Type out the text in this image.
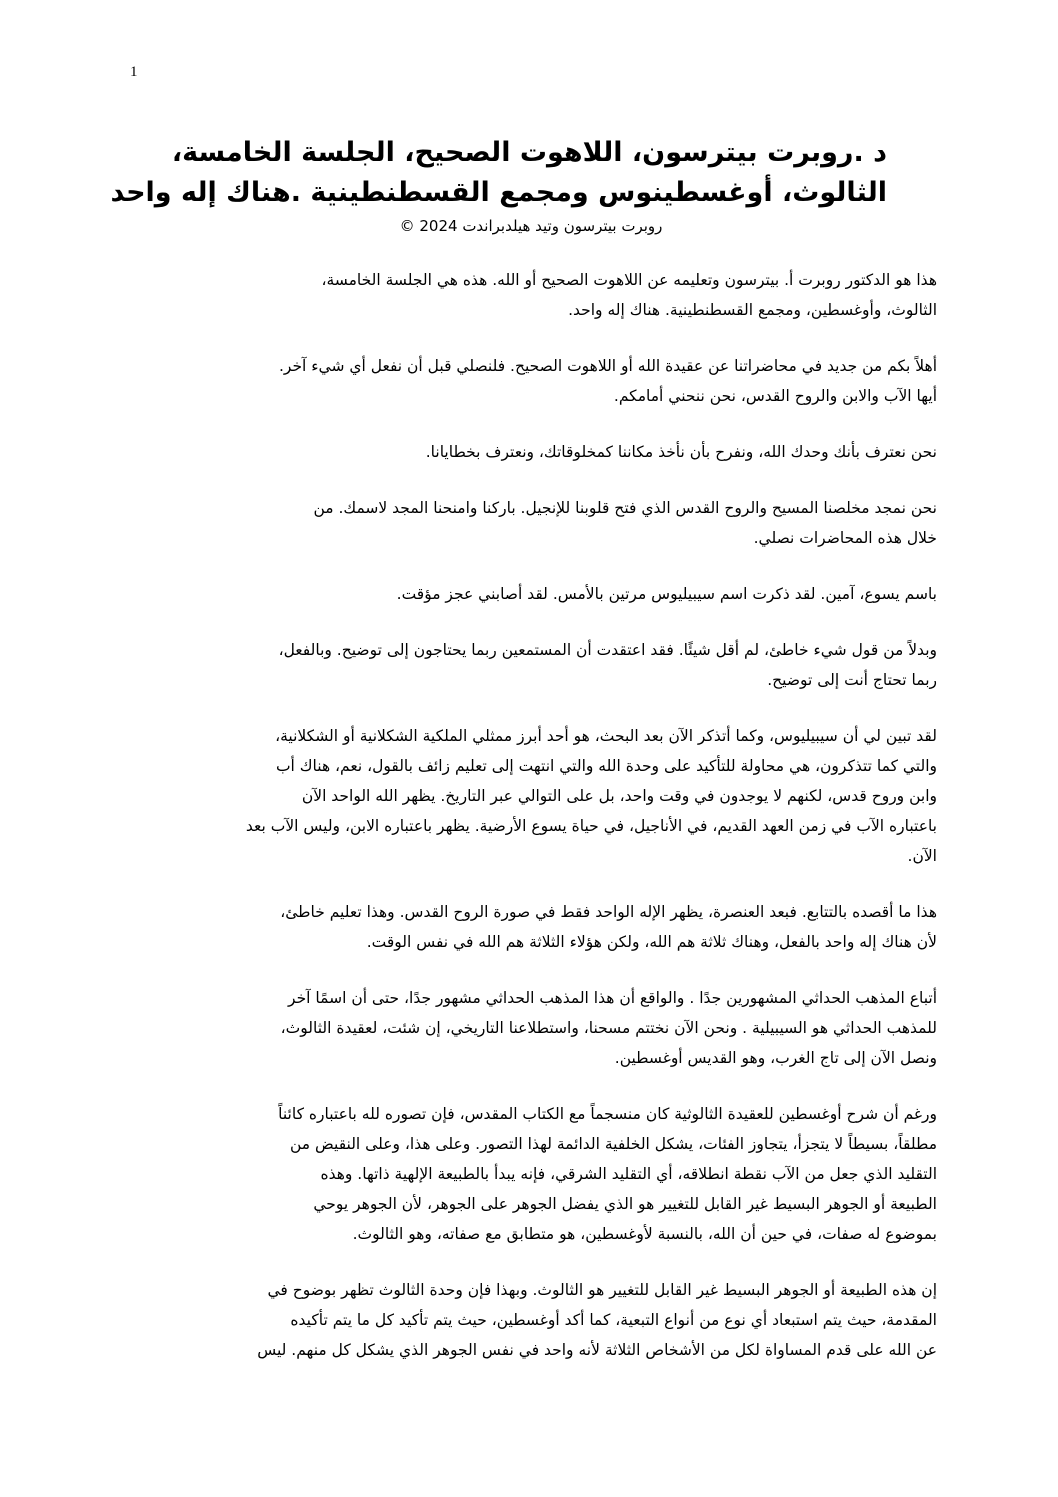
1
د .روبرت بيترسون، اللاهوت الصحيح، الجلسة الخامسة،
الثالوث، أوغسطينوس ومجمع القسطنطينية .هناك إله واحد
روبرت بيترسون وتيد هيلدبراندت 2024 ©
هذا هو الدكتور روبرت أ. بيترسون وتعليمه عن اللاهوت الصحيح أو الله. هذه هي الجلسة الخامسة،
الثالوث، وأوغسطين، ومجمع القسطنطينية. هناك إله واحد.
أهلاً بكم من جديد في محاضراتنا عن عقيدة الله أو اللاهوت الصحيح. فلنصلي قبل أن نفعل أي شيء آخر.
أيها الآب والابن والروح القدس، نحن ننحني أمامكم.
نحن نعترف بأنك وحدك الله، ونفرح بأن نأخذ مكاننا كمخلوقاتك، ونعترف بخطايانا.
نحن نمجد مخلصنا المسيح والروح القدس الذي فتح قلوبنا للإنجيل. باركنا وامنحنا المجد لاسمك. من
خلال هذه المحاضرات نصلي.
باسم يسوع، آمين. لقد ذكرت اسم سيبيليوس مرتين بالأمس. لقد أصابني عجز مؤقت.
وبدلاً من قول شيء خاطئ، لم أقل شيئًا. فقد اعتقدت أن المستمعين ربما يحتاجون إلى توضيح. وبالفعل،
ربما تحتاج أنت إلى توضيح.
لقد تبين لي أن سيبيليوس، وكما أتذكر الآن بعد البحث، هو أحد أبرز ممثلي الملكية الشكلانية أو الشكلانية،
والتي كما تتذكرون، هي محاولة للتأكيد على وحدة الله والتي انتهت إلى تعليم زائف بالقول، نعم، هناك أب
وابن وروح قدس، لكنهم لا يوجدون في وقت واحد، بل على التوالي عبر التاريخ. يظهر الله الواحد الآن
باعتباره الآب في زمن العهد القديم، في الأناجيل، في حياة يسوع الأرضية. يظهر باعتباره الابن، وليس الآب بعد
الآن.
هذا ما أقصده بالتتابع. فبعد العنصرة، يظهر الإله الواحد فقط في صورة الروح القدس. وهذا تعليم خاطئ،
لأن هناك إله واحد بالفعل، وهناك ثلاثة هم الله، ولكن هؤلاء الثلاثة هم الله في نفس الوقت.
أتباع المذهب الحداثي المشهورين جدًا . والواقع أن هذا المذهب الحداثي مشهور جدًا، حتى أن اسمًا آخر
للمذهب الحداثي هو السيبيلية . ونحن الآن نختتم مسحنا، واستطلاعنا التاريخي، إن شئت، لعقيدة الثالوث،
ونصل الآن إلى تاج الغرب، وهو القديس أوغسطين.
ورغم أن شرح أوغسطين للعقيدة الثالوثية كان منسجماً مع الكتاب المقدس، فإن تصوره لله باعتباره كائناً
مطلقاً، بسيطاً لا يتجزأ، يتجاوز الفئات، يشكل الخلفية الدائمة لهذا التصور. وعلى هذا، وعلى النقيض من
التقليد الذي جعل من الآب نقطة انطلاقه، أي التقليد الشرقي، فإنه يبدأ بالطبيعة الإلهية ذاتها. وهذه
الطبيعة أو الجوهر البسيط غير القابل للتغيير هو الذي يفضل الجوهر على الجوهر، لأن الجوهر يوحي
بموضوع له صفات، في حين أن الله، بالنسبة لأوغسطين، هو متطابق مع صفاته، وهو الثالوث.
إن هذه الطبيعة أو الجوهر البسيط غير القابل للتغيير هو الثالوث. وبهذا فإن وحدة الثالوث تظهر بوضوح في
المقدمة، حيث يتم استبعاد أي نوع من أنواع التبعية، كما أكد أوغسطين، حيث يتم تأكيد كل ما يتم تأكيده
عن الله على قدم المساواة لكل من الأشخاص الثلاثة لأنه واحد في نفس الجوهر الذي يشكل كل منهم. ليس
